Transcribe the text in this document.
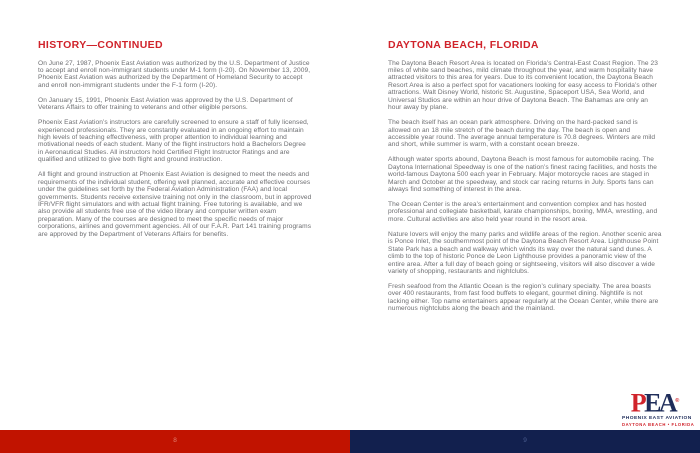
HISTORY—CONTINUED

On June 27, 1987, Phoenix East Aviation was authorized by the U.S. Department of Justice to accept and enroll non-immigrant students under M-1 form (I-20). On November 13, 2009, Phoenix East Aviation was authorized by the Department of Homeland Security to accept and enroll non-immigrant students under the F-1 form (I-20).

On January 15, 1991, Phoenix East Aviation was approved by the U.S. Department of Veterans Affairs to offer training to veterans and other eligible persons.

Phoenix East Aviation’s instructors are carefully screened to ensure a staff of fully licensed, experienced professionals. They are constantly evaluated in an ongoing effort to maintain high levels of teaching effectiveness, with proper attention to individual learning and motivational needs of each student. Many of the flight instructors hold a Bachelors Degree in Aeronautical Studies. All instructors hold Certified Flight Instructor Ratings and are qualified and utilized to give both flight and ground instruction.

All flight and ground instruction at Phoenix East Aviation is designed to meet the needs and requirements of the individual student, offering well planned, accurate and effective courses under the guidelines set forth by the Federal Aviation Administration (FAA) and local governments. Students receive extensive training not only in the classroom, but in approved IFR/VFR flight simulators and with actual flight training. Free tutoring is available, and we also provide all students free use of the video library and computer written exam preparation. Many of the courses are designed to meet the specific needs of major corporations, airlines and government agencies. All of our F.A.R. Part 141 training programs are approved by the Department of Veterans Affairs for benefits.

8
DAYTONA BEACH, FLORIDA

The Daytona Beach Resort Area is located on Florida’s Central-East Coast Region. The 23 miles of white sand beaches, mild climate throughout the year, and warm hospitality have attracted visitors to this area for years. Due to its convenient location, the Daytona Beach Resort Area is also a perfect spot for vacationers looking for easy access to Florida’s other attractions. Walt Disney World, historic St. Augustine, Spaceport USA, Sea World, and Universal Studios are within an hour drive of Daytona Beach. The Bahamas are only an hour away by plane.

The beach itself has an ocean park atmosphere. Driving on the hard-packed sand is allowed on an 18 mile stretch of the beach during the day. The beach is open and accessible year round. The average annual temperature is 70.8 degrees. Winters are mild and short, while summer is warm, with a constant ocean breeze.

Although water sports abound, Daytona Beach is most famous for automobile racing. The Daytona International Speedway is one of the nation’s finest racing facilities, and hosts the world-famous Daytona 500 each year in February. Major motorcycle races are staged in March and October at the speedway, and stock car racing returns in July. Sports fans can always find something of interest in the area.

The Ocean Center is the area’s entertainment and convention complex and has hosted professional and collegiate basketball, karate championships, boxing, MMA, wrestling, and more. Cultural activities are also held year round in the resort area.

Nature lovers will enjoy the many parks and wildlife areas of the region. Another scenic area is Ponce Inlet, the southernmost point of the Daytona Beach Resort Area. Lighthouse Point State Park has a beach and walkway which winds its way over the natural sand dunes. A climb to the top of historic Ponce de Leon Lighthouse provides a panoramic view of the entire area. After a full day of beach going or sightseeing, visitors will also discover a wide variety of shopping, restaurants and nightclubs.

Fresh seafood from the Atlantic Ocean is the region’s culinary specialty. The area boasts over 400 restaurants, from fast food buffets to elegant, gourmet dining. Nightlife is not lacking either. Top name entertainers appear regularly at the Ocean Center, while there are numerous nightclubs along the beach and the mainland.

PEA®
PHOENIX EAST AVIATION
DAYTONA BEACH • FLORIDA
9
